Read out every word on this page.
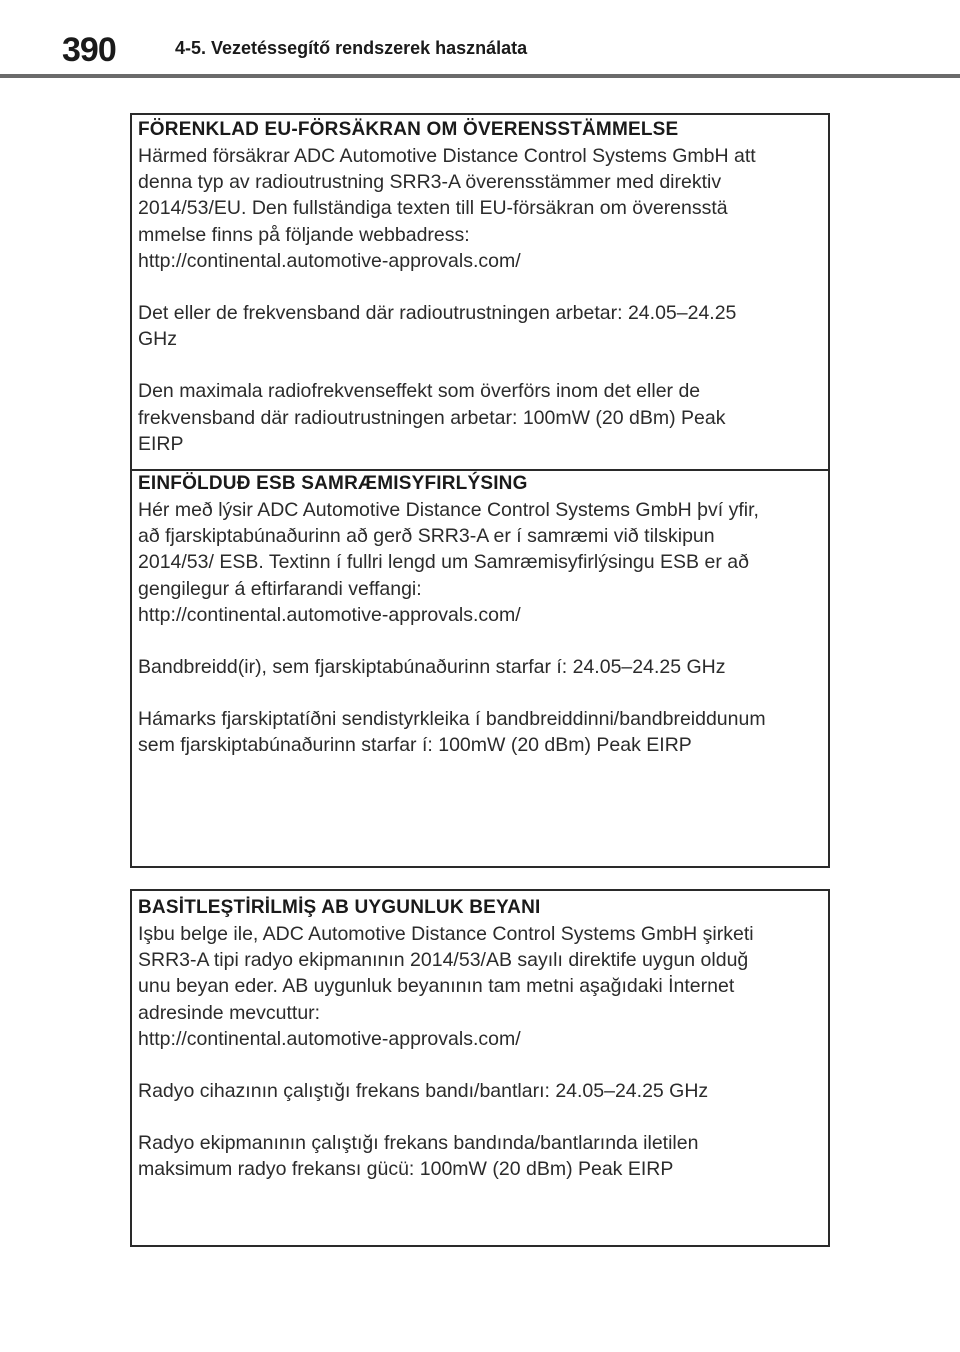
390	4-5. Vezetéssegítő rendszerek használata

FÖRENKLAD EU-FÖRSÄKRAN OM ÖVERENSSTÄMMELSE

Härmed försäkrar ADC Automotive Distance Control Systems GmbH att
denna typ av radioutrustning SRR3-A överensstämmer med direktiv
2014/53/EU. Den fullständiga texten till EU-försäkran om överensstä
mmelse finns på följande webbadress:
http://continental.automotive-approvals.com/

Det eller de frekvensband där radioutrustningen arbetar: 24.05–24.25
GHz

Den maximala radiofrekvenseffekt som överförs inom det eller de
frekvensband där radioutrustningen arbetar: 100mW (20 dBm) Peak
EIRP

EINFÖLDUÐ ESB SAMRÆMISYFIRLÝSING

Hér með lýsir ADC Automotive Distance Control Systems GmbH því yfir,
að fjarskiptabúnaðurinn að gerð SRR3-A er í samræmi við tilskipun
2014/53/ ESB. Textinn í fullri lengd um Samræmisyfirlýsingu ESB er að
gengilegur á eftirfarandi veffangi:
http://continental.automotive-approvals.com/

Bandbreidd(ir), sem fjarskiptabúnaðurinn starfar í: 24.05–24.25 GHz

Hámarks fjarskiptatíðni sendistyrkleika í bandbreiddinni/bandbreiddunum
sem fjarskiptabúnaðurinn starfar í: 100mW (20 dBm) Peak EIRP

BASİTLEŞTİRİLMİŞ AB UYGUNLUK BEYANI

Işbu belge ile, ADC Automotive Distance Control Systems GmbH şirketi
SRR3-A tipi radyo ekipmanının 2014/53/AB sayılı direktife uygun olduğ
unu beyan eder. AB uygunluk beyanının tam metni aşağıdaki İnternet
adresinde mevcuttur:
http://continental.automotive-approvals.com/

Radyo cihazının çalıştığı frekans bandı/bantları: 24.05–24.25 GHz

Radyo ekipmanının çalıştığı frekans bandında/bantlarında iletilen
maksimum radyo frekansı gücü: 100mW (20 dBm) Peak EIRP
